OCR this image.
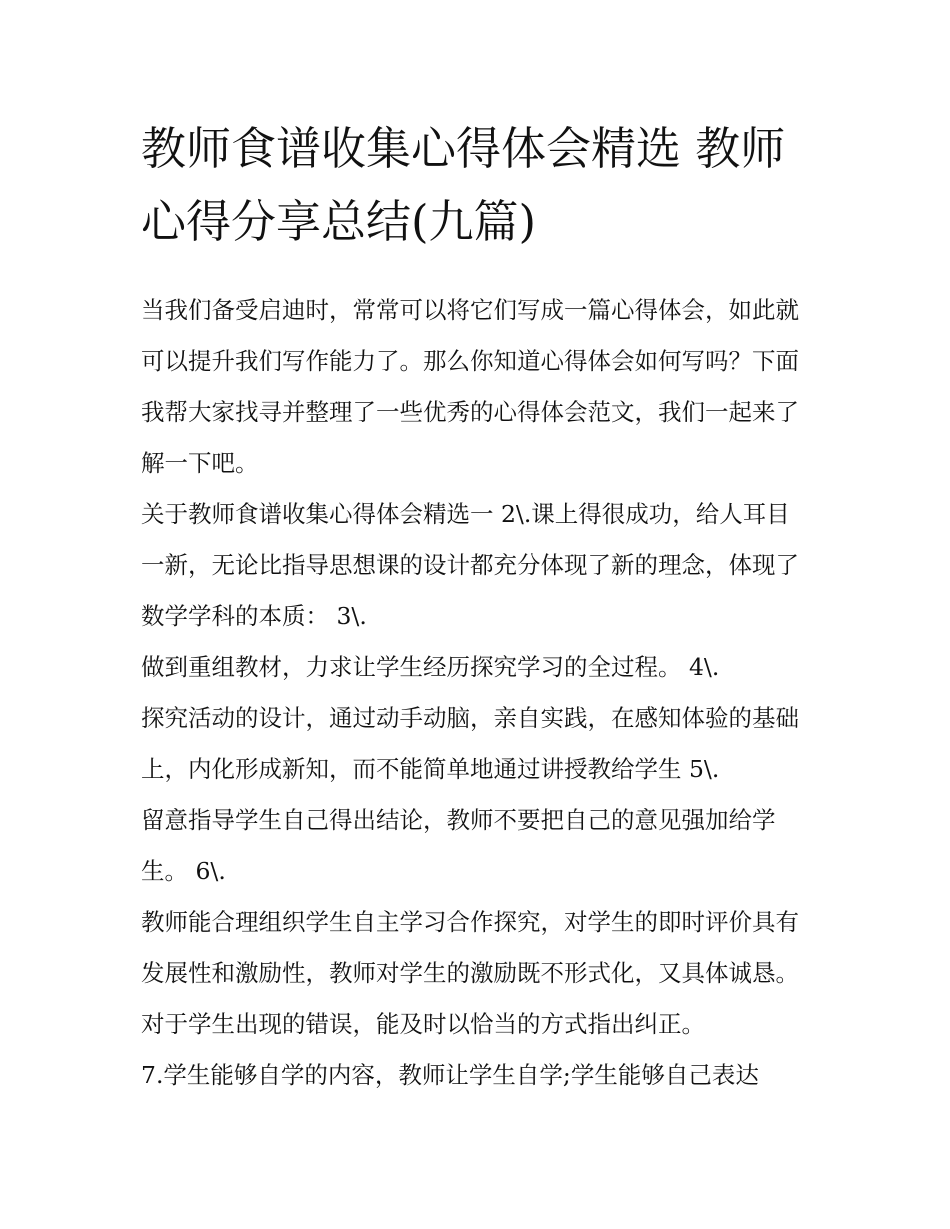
教师食谱收集心得体会精选 教师心得分享总结(九篇)

当我们备受启迪时，常常可以将它们写成一篇心得体会，如此就可以提升我们写作能力了。那么你知道心得体会如何写吗？下面我帮大家找寻并整理了一些优秀的心得体会范文，我们一起来了解一下吧。

关于教师食谱收集心得体会精选一 2\.课上得很成功，给人耳目一新，无论比指导思想课的设计都充分体现了新的理念，体现了数学学科的本质： 3\.

做到重组教材，力求让学生经历探究学习的全过程。 4\.

探究活动的设计，通过动手动脑，亲自实践，在感知体验的基础上，内化形成新知，而不能简单地通过讲授教给学生 5\.

留意指导学生自己得出结论，教师不要把自己的意见强加给学生。 6\.

教师能合理组织学生自主学习合作探究，对学生的即时评价具有发展性和激励性，教师对学生的激励既不形式化，又具体诚恳。对于学生出现的错误，能及时以恰当的方式指出纠正。

7.学生能够自学的内容，教师让学生自学;学生能够自己表达
